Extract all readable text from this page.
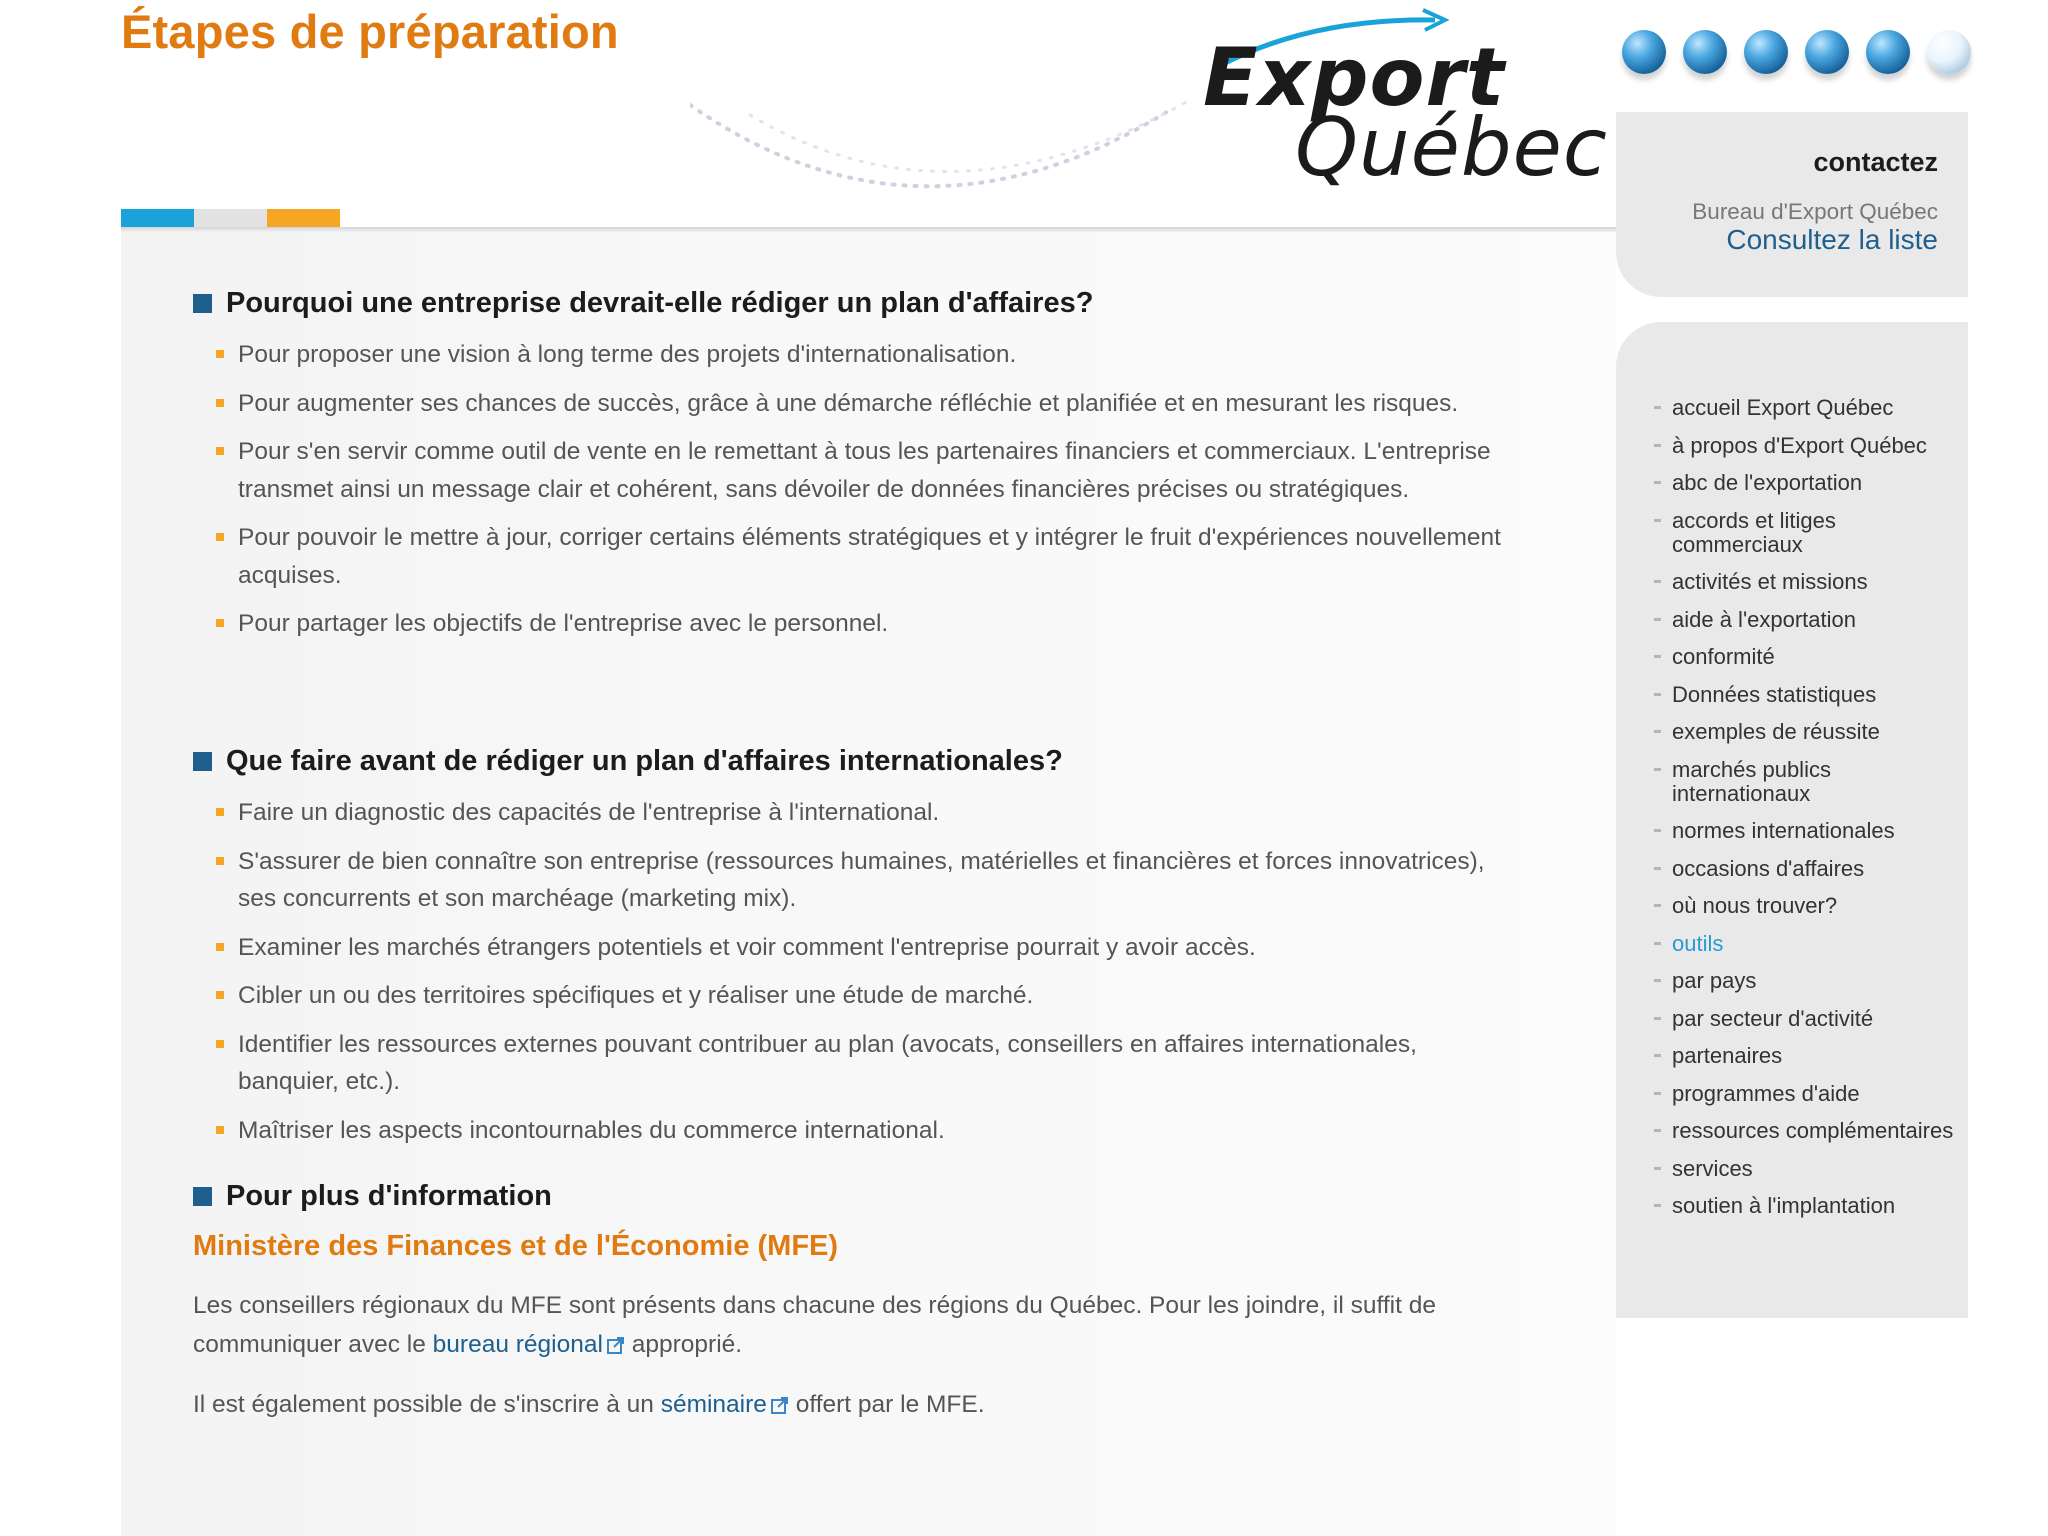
Étapes de préparation	Export
Québec
Pourquoi une entreprise devrait-elle rédiger un plan d'affaires?
Pour proposer une vision à long terme des projets d'internationalisation.
Pour augmenter ses chances de succès, grâce à une démarche réfléchie et planifiée et en mesurant les risques.
Pour s'en servir comme outil de vente en le remettant à tous les partenaires financiers et commerciaux. L'entreprise transmet ainsi un message clair et cohérent, sans dévoiler de données financières précises ou stratégiques.
Pour pouvoir le mettre à jour, corriger certains éléments stratégiques et y intégrer le fruit d'expériences nouvellement acquises.
Pour partager les objectifs de l'entreprise avec le personnel.
Que faire avant de rédiger un plan d'affaires internationales?
Faire un diagnostic des capacités de l'entreprise à l'international.
S'assurer de bien connaître son entreprise (ressources humaines, matérielles et financières et forces innovatrices), ses concurrents et son marchéage (marketing mix).
Examiner les marchés étrangers potentiels et voir comment l'entreprise pourrait y avoir accès.
Cibler un ou des territoires spécifiques et y réaliser une étude de marché.
Identifier les ressources externes pouvant contribuer au plan (avocats, conseillers en affaires internationales, banquier, etc.).
Maîtriser les aspects incontournables du commerce international.
Pour plus d'information
Ministère des Finances et de l'Économie (MFE)

Les conseillers régionaux du MFE sont présents dans chacune des régions du Québec. Pour les joindre, il suffit de communiquer avec le bureau régional approprié.

Il est également possible de s'inscrire à un séminaire offert par le MFE.

contactez
Bureau d'Export Québec
Consultez la liste
accueil Export Québec
à propos d'Export Québec
abc de l'exportation
accords et litiges commerciaux
activités et missions
aide à l'exportation
conformité
Données statistiques
exemples de réussite
marchés publics internationaux
normes internationales
occasions d'affaires
où nous trouver?
outils
par pays
par secteur d'activité
partenaires
programmes d'aide
ressources complémentaires
services
soutien à l'implantation
